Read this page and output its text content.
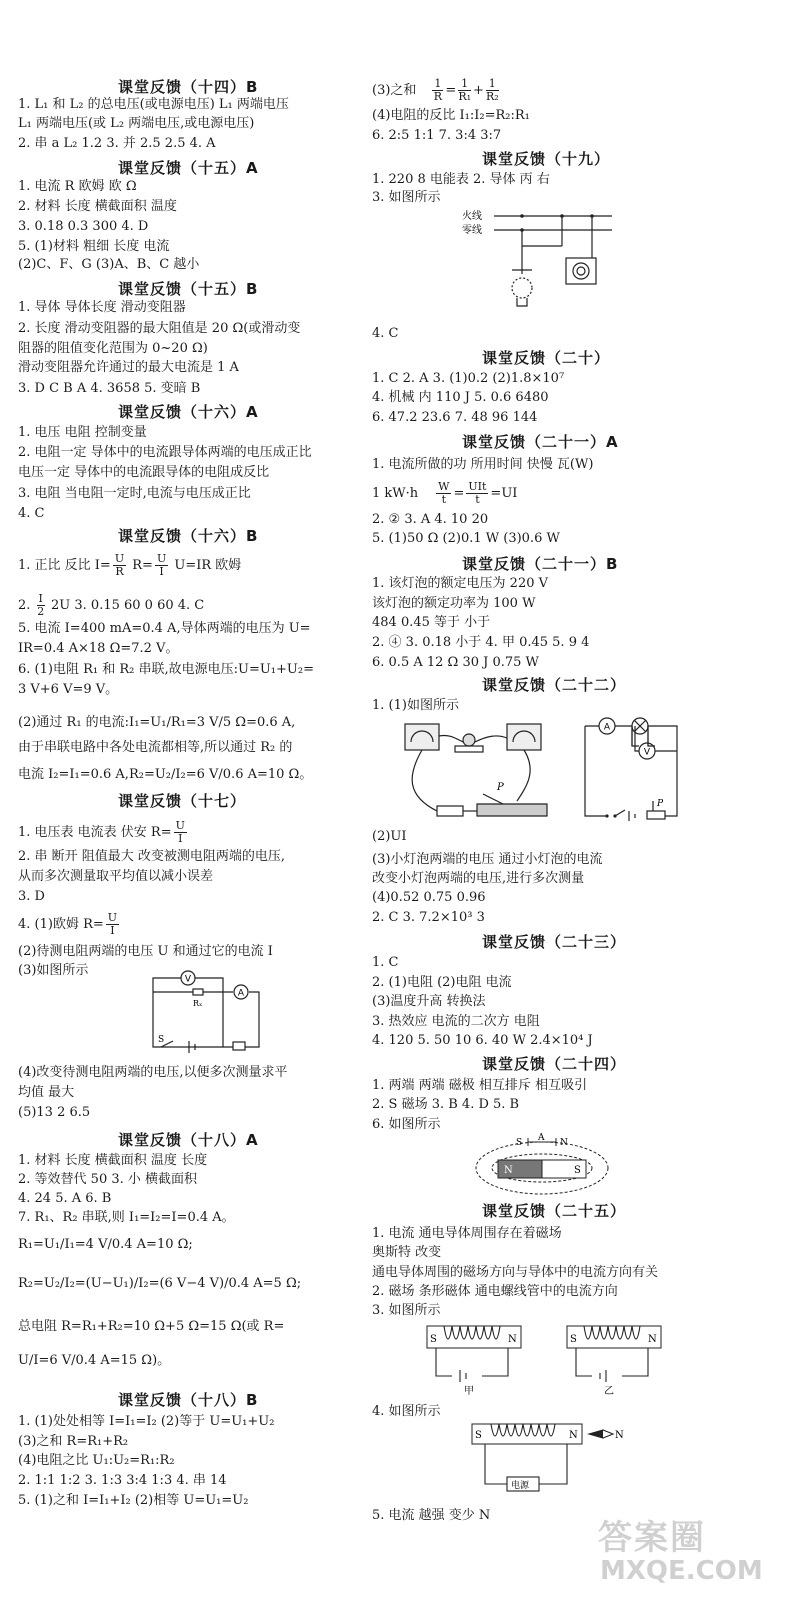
课堂反馈（十四）B
1. L₁ 和 L₂ 的总电压(或电源电压) L₁ 两端电压
L₁ 两端电压(或 L₂ 两端电压,或电源电压)
2. 串 a L₂ 1.2 3. 并 2.5 2.5 4. A
课堂反馈（十五）A
1. 电流 R 欧姆 欧 Ω
2. 材料 长度 横截面积 温度
3. 0.18 0.3 300 4. D
5. (1)材料 粗细 长度 电流
(2)C、F、G (3)A、B、C 越小
课堂反馈（十五）B
1. 导体 导体长度 滑动变阻器
2. 长度 滑动变阻器的最大阻值是 20 Ω(或滑动变
阻器的阻值变化范围为 0~20 Ω)
滑动变阻器允许通过的最大电流是 1 A
3. D C B A 4. 3658 5. 变暗 B
课堂反馈（十六）A
1. 电压 电阻 控制变量
2. 电阻一定 导体中的电流跟导体两端的电压成正比
电压一定 导体中的电流跟导体的电阻成反比
3. 电阻 当电阻一定时,电流与电压成正比
4. C
课堂反馈（十六）B
1. 正比 反比 $I= \frac{U}{R} R= \frac{U}{I} U=IR$ 欧姆
2. $\frac{I}{2} 2U$ 3. 0.15 60 0 60 4. C
5. 电流 I=400 mA=0.4 A,导体两端的电压为 U=
IR=0.4 A×18 Ω=7.2 V。
6. (1)电阻 R₁ 和 R₂ 串联,故电源电压:U=U₁+U₂=
3 V+6 V=9 V。
(2)通过 R₁ 的电流:I₁=U₁/R₁=3 V/5 Ω=0.6 A,
由于串联电路中各处电流都相等,所以通过 R₂ 的
电流 I₂=I₁=0.6 A,R₂=U₂/I₂=6 V/0.6 A=10 Ω。
课堂反馈（十七）
1. 电压表 电流表 伏安 $R= \frac{U}{I}$
2. 串 断开 阻值最大 改变被测电阻两端的电压,
从而多次测量取平均值以减小误差
3. D
4. (1)欧姆 $R= \frac{U}{I}$
(2)待测电阻两端的电压 U 和通过它的电流 I
(3)如图所示
V
A
Rₓ
S
(4)改变待测电阻两端的电压,以便多次测量求平
均值 最大
(5)13 2 6.5
课堂反馈（十八）A
1. 材料 长度 横截面积 温度 长度
2. 等效替代 50 3. 小 横截面积
4. 24 5. A 6. B
7. R₁、R₂ 串联,则 I₁=I₂=I=0.4 A。
R₁=U₁/I₁=4 V/0.4 A=10 Ω;
R₂=U₂/I₂=(U−U₁)/I₂=(6 V−4 V)/0.4 A=5 Ω;
总电阻 R=R₁+R₂=10 Ω+5 Ω=15 Ω(或 R=
U/I=6 V/0.4 A=15 Ω)。
课堂反馈（十八）B
1. (1)处处相等 I=I₁=I₂ (2)等于 U=U₁+U₂
(3)之和 R=R₁+R₂
(4)电阻之比 U₁:U₂=R₁:R₂
2. 1:1 1:2 3. 1:3 3:4 1:3 4. 串 14
5. (1)之和 I=I₁+I₂ (2)相等 U=U₁=U₂
(3)之和 $\frac{1}{R} = \frac{1}{\text{R₁}} + \frac{1}{\text{R₂}}$
(4)电阻的反比 I₁:I₂=R₂:R₁
6. 2:5 1:1 7. 3:4 3:7
课堂反馈（十九）
1. 220 8 电能表 2. 导体 丙 右
3. 如图所示
火线
零线
4. C
课堂反馈（二十）
1. C 2. A 3. (1)0.2 (2)1.8×10⁷
4. 机械 内 110 J 5. 0.6 6480
6. 47.2 23.6 7. 48 96 144
课堂反馈（二十一）A
1. 电流所做的功 所用时间 快慢 瓦(W)
1 $kW\cdot h \frac{W}{t} = \frac{\text{UIt}}{t} =UI$
2. ② 3. A 4. 10 20
5. (1)50 Ω (2)0.1 W (3)0.6 W
课堂反馈（二十一）B
1. 该灯泡的额定电压为 220 V
该灯泡的额定功率为 100 W
484 0.45 等于 小于
2. ④ 3. 0.18 小于 4. 甲 0.45 5. 9 4
6. 0.5 A 12 Ω 30 J 0.75 W
课堂反馈（二十二）
1. (1)如图所示
P
A
V
P
(2)UI
(3)小灯泡两端的电压 通过小灯泡的电流
改变小灯泡两端的电压,进行多次测量
(4)0.52 0.75 0.96
2. C 3. 7.2×10³ 3
课堂反馈（二十三）
1. C
2. (1)电阻 (2)电阻 电流
(3)温度升高 转换法
3. 热效应 电流的二次方 电阻
4. 120 5. 50 10 6. 40 W 2.4×10⁴ J
课堂反馈（二十四）
1. 两端 两端 磁极 相互排斥 相互吸引
2. S 磁场 3. B 4. D 5. B
6. 如图所示
S A N
N	S
课堂反馈（二十五）
1. 电流 通电导体周围存在着磁场
奥斯特 改变
通电导体周围的磁场方向与导体中的电流方向有关
2. 磁场 条形磁体 通电螺线管中的电流方向
3. 如图所示
S	N
甲
S	N
乙
4. 如图所示
S	N	N
电源
5. 电流 越强 变少 N
答案圈
MXQE.COM
